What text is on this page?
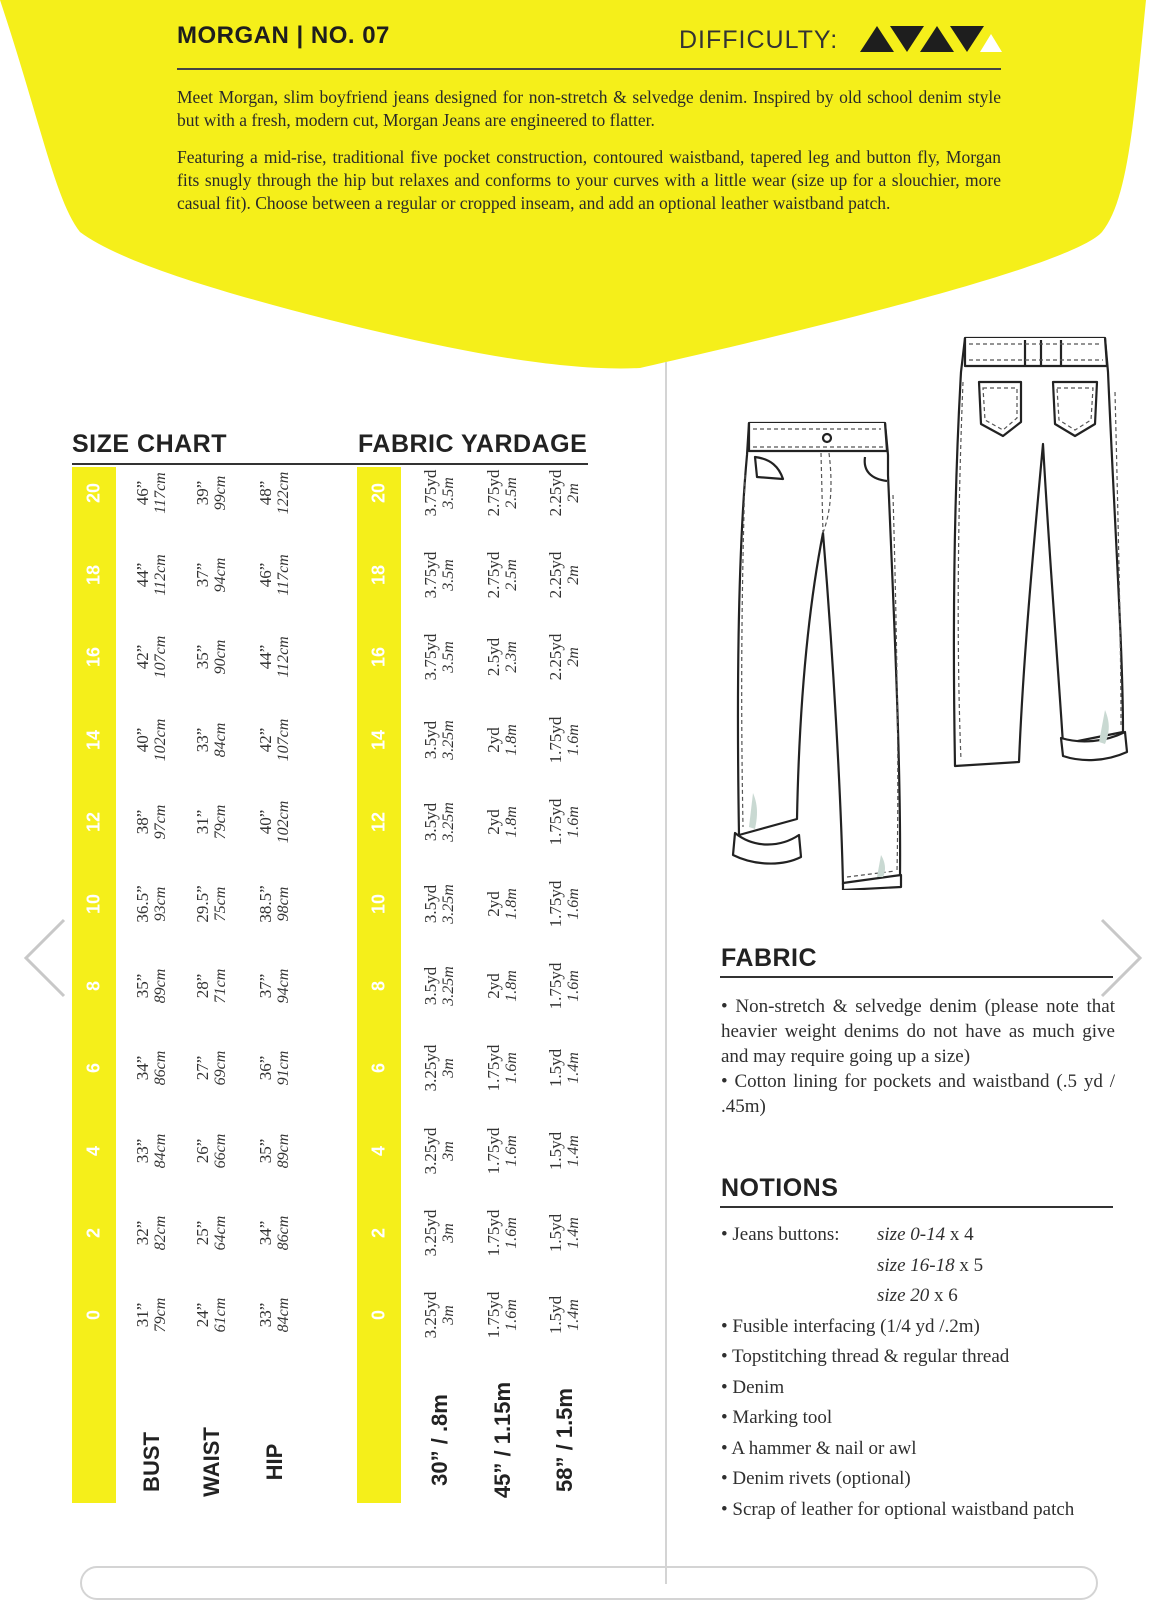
MORGAN | NO. 07	DIFFICULTY:
Meet Morgan, slim boyfriend jeans designed for non-stretch & selvedge denim. Inspired by old school denim style but with a fresh, modern cut, Morgan Jeans are engineered to flatter.
Featuring a mid-rise, traditional five pocket construction, contoured waistband, tapered leg and button fly, Morgan fits snugly through the hip but relaxes and conforms to your curves with a little wear (size up for a slouchier, more casual fit). Choose between a regular or cropped inseam, and add an optional leather waistband patch.
SIZE CHART	FABRIC YARDAGE
0
2
4
6
8
10
12
14
16
18
20
BUST
31” 79cm
32” 82cm
33” 84cm
34” 86cm
35” 89cm
36.5” 93cm
38” 97cm
40” 102cm
42” 107cm
44” 112cm
46” 117cm
WAIST
24” 61cm
25” 64cm
26” 66cm
27” 69cm
28” 71cm
29.5” 75cm
31” 79cm
33” 84cm
35” 90cm
37” 94cm
39” 99cm
HIP
33” 84cm
34” 86cm
35” 89cm
36” 91cm
37” 94cm
38.5” 98cm
40” 102cm
42” 107cm
44” 112cm
46” 117cm
48” 122cm
0
2
4
6
8
10
12
14
16
18
20
30” / .8m
3.25yd 3m
3.25yd 3m
3.25yd 3m
3.25yd 3m
3.5yd 3.25m
3.5yd 3.25m
3.5yd 3.25m
3.5yd 3.25m
3.75yd 3.5m
3.75yd 3.5m
3.75yd 3.5m
45” / 1.15m
1.75yd 1.6m
1.75yd 1.6m
1.75yd 1.6m
1.75yd 1.6m
2yd 1.8m
2yd 1.8m
2yd 1.8m
2yd 1.8m
2.5yd 2.3m
2.75yd 2.5m
2.75yd 2.5m
58” / 1.5m
1.5yd 1.4m
1.5yd 1.4m
1.5yd 1.4m
1.5yd 1.4m
1.75yd 1.6m
1.75yd 1.6m
1.75yd 1.6m
1.75yd 1.6m
2.25yd 2m
2.25yd 2m
2.25yd 2m
FABRIC
• Non-stretch & selvedge denim (please note that heavier weight denims do not have as much give and may require going up a size)
• Cotton lining for pockets and waistband (.5 yd / .45m)
NOTIONS
• Jeans buttons: size 0-14 x 4
size 16-18 x 5
size 20 x 6
• Fusible interfacing (1/4 yd /.2m)
• Topstitching thread & regular thread
• Denim
• Marking tool
• A hammer & nail or awl
• Denim rivets (optional)
• Scrap of leather for optional waistband patch
